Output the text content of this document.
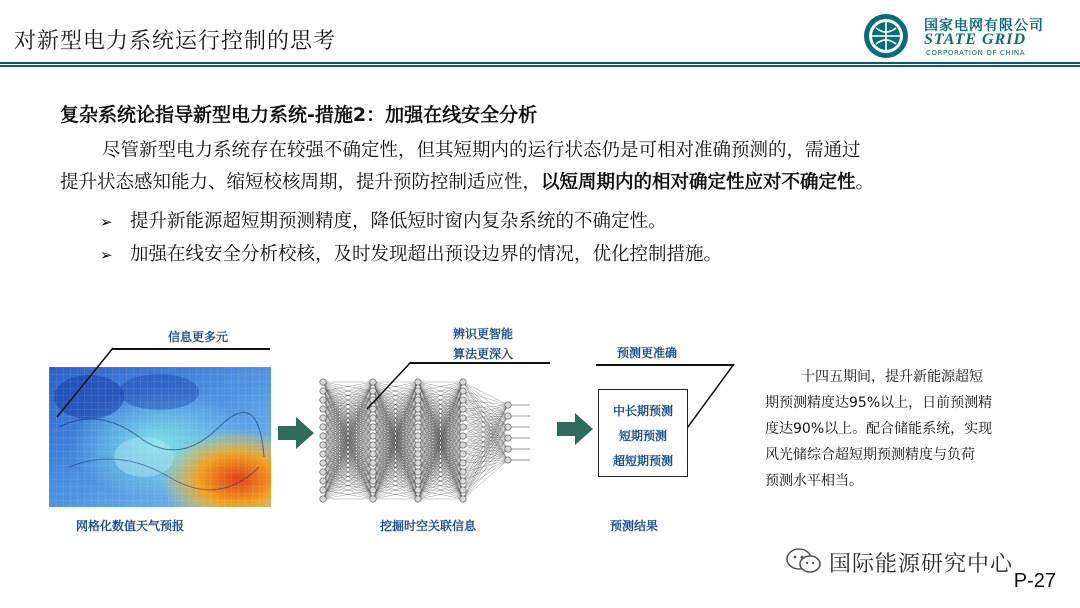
对新型电力系统运行控制的思考
国家电网有限公司
STATE GRID
CORPORATION OF CHINA
复杂系统论指导新型电力系统-措施2：加强在线安全分析
尽管新型电力系统存在较强不确定性，但其短期内的运行状态仍是可相对准确预测的，需通过
提升状态感知能力、缩短校核周期，提升预防控制适应性，以短周期内的相对确定性应对不确定性。
➢ 提升新能源超短期预测精度，降低短时窗内复杂系统的不确定性。
➢ 加强在线安全分析校核，及时发现超出预设边界的情况，优化控制措施。
信息更多元
网格化数值天气预报
辨识更智能
算法更深入
挖掘时空关联信息
预测更准确
中长期预测
短期预测
超短期预测
预测结果
十四五期间，提升新能源超短
期预测精度达95%以上，日前预测精
度达90%以上。配合储能系统，实现
风光储综合超短期预测精度与负荷
预测水平相当。
国际能源研究中心
P-27
